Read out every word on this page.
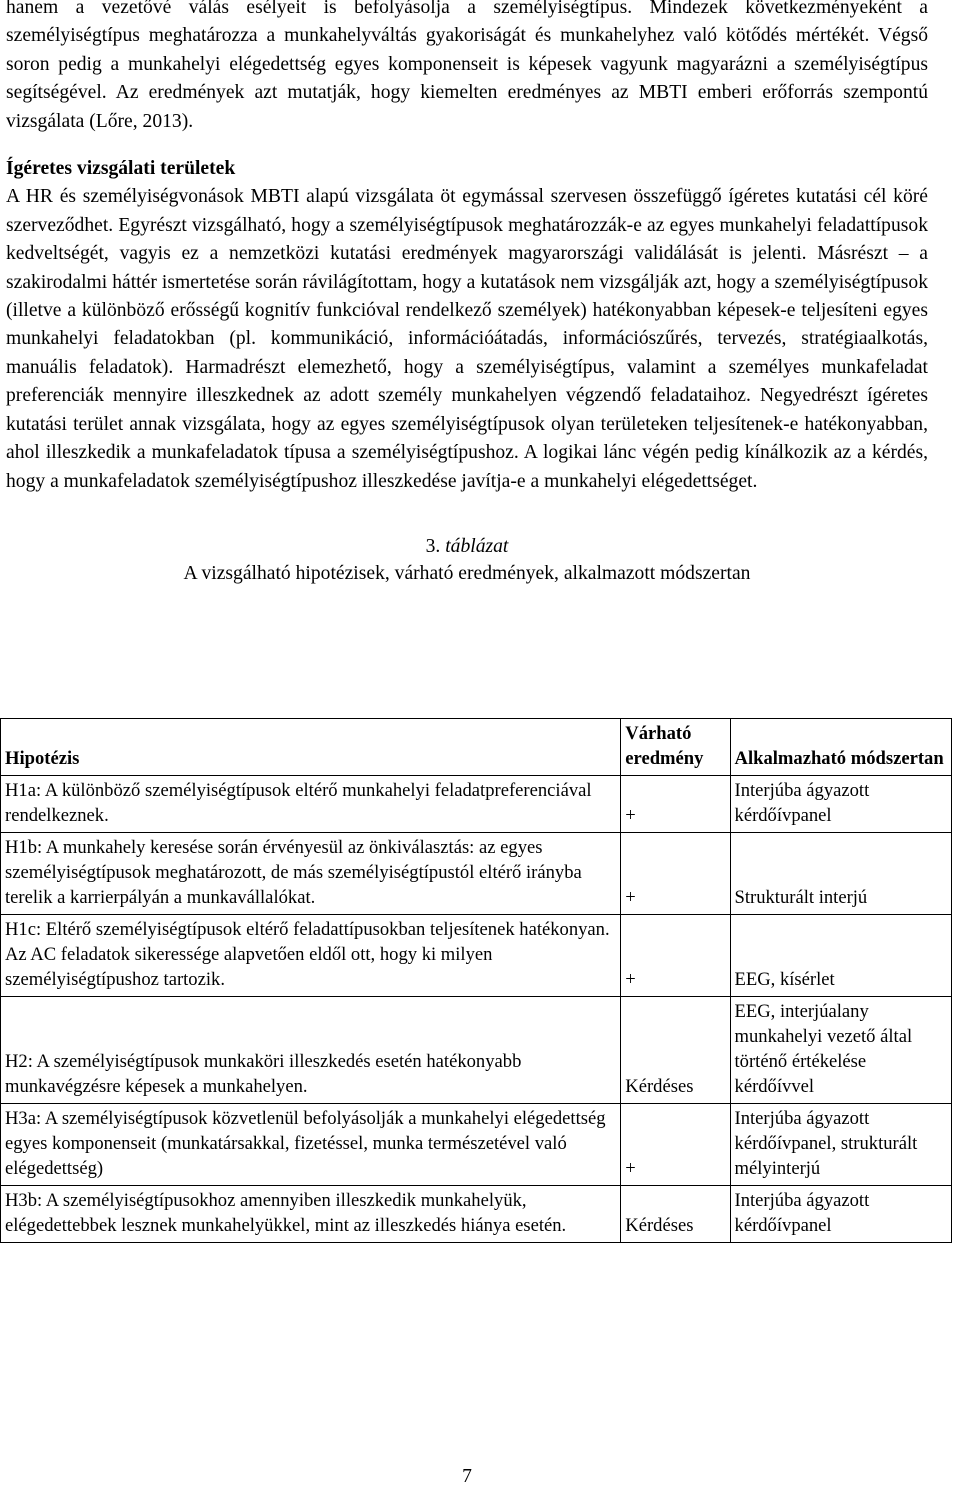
hanem a vezetővé válás esélyeit is befolyásolja a személyiségtípus. Mindezek következményeként a személyiségtípus meghatározza a munkahelyváltás gyakoriságát és munkahelyhez való kötődés mértékét. Végső soron pedig a munkahelyi elégedettség egyes komponenseit is képesek vagyunk magyarázni a személyiségtípus segítségével. Az eredmények azt mutatják, hogy kiemelten eredményes az MBTI emberi erőforrás szempontú vizsgálata (Lőre, 2013).

Ígéretes vizsgálati területek

A HR és személyiségvonások MBTI alapú vizsgálata öt egymással szervesen összefüggő ígéretes kutatási cél köré szerveződhet. Egyrészt vizsgálható, hogy a személyiségtípusok meghatározzák-e az egyes munkahelyi feladattípusok kedveltségét, vagyis ez a nemzetközi kutatási eredmények magyarországi validálását is jelenti. Másrészt – a szakirodalmi háttér ismertetése során rávilágítottam, hogy a kutatások nem vizsgálják azt, hogy a személyiségtípusok (illetve a különböző erősségű kognitív funkcióval rendelkező személyek) hatékonyabban képesek-e teljesíteni egyes munkahelyi feladatokban (pl. kommunikáció, információátadás, információszűrés, tervezés, stratégiaalkotás, manuális feladatok). Harmadrészt elemezhető, hogy a személyiségtípus, valamint a személyes munkafeladat preferenciák mennyire illeszkednek az adott személy munkahelyen végzendő feladataihoz. Negyedrészt ígéretes kutatási terület annak vizsgálata, hogy az egyes személyiségtípusok olyan területeken teljesítenek-e hatékonyabban, ahol illeszkedik a munkafeladatok típusa a személyiségtípushoz. A logikai lánc végén pedig kínálkozik az a kérdés, hogy a munkafeladatok személyiségtípushoz illeszkedése javítja-e a munkahelyi elégedettséget.

3. táblázat

A vizsgálható hipotézisek, várható eredmények, alkalmazott módszertan

Hipotézis	Várható eredmény	Alkalmazható módszertan
H1a: A különböző személyiségtípusok eltérő munkahelyi feladatpreferenciával rendelkeznek.	+	Interjúba ágyazott kérdőívpanel
H1b: A munkahely keresése során érvényesül az önkiválasztás: az egyes személyiségtípusok meghatározott, de más személyiségtípustól eltérő irányba terelik a karrierpályán a munkavállalókat.	+	Strukturált interjú
H1c: Eltérő személyiségtípusok eltérő feladattípusokban teljesítenek hatékonyan. Az AC feladatok sikeressége alapvetően eldől ott, hogy ki milyen személyiségtípushoz tartozik.	+	EEG, kísérlet
H2: A személyiségtípusok munkaköri illeszkedés esetén hatékonyabb munkavégzésre képesek a munkahelyen.	Kérdéses	EEG, interjúalany munkahelyi vezető által történő értékelése kérdőívvel
H3a: A személyiségtípusok közvetlenül befolyásolják a munkahelyi elégedettség egyes komponenseit (munkatársakkal, fizetéssel, munka természetével való elégedettség)	+	Interjúba ágyazott kérdőívpanel, strukturált mélyinterjú
H3b: A személyiségtípusokhoz amennyiben illeszkedik munkahelyük, elégedettebbek lesznek munkahelyükkel, mint az illeszkedés hiánya esetén.	Kérdéses	Interjúba ágyazott kérdőívpanel
7
